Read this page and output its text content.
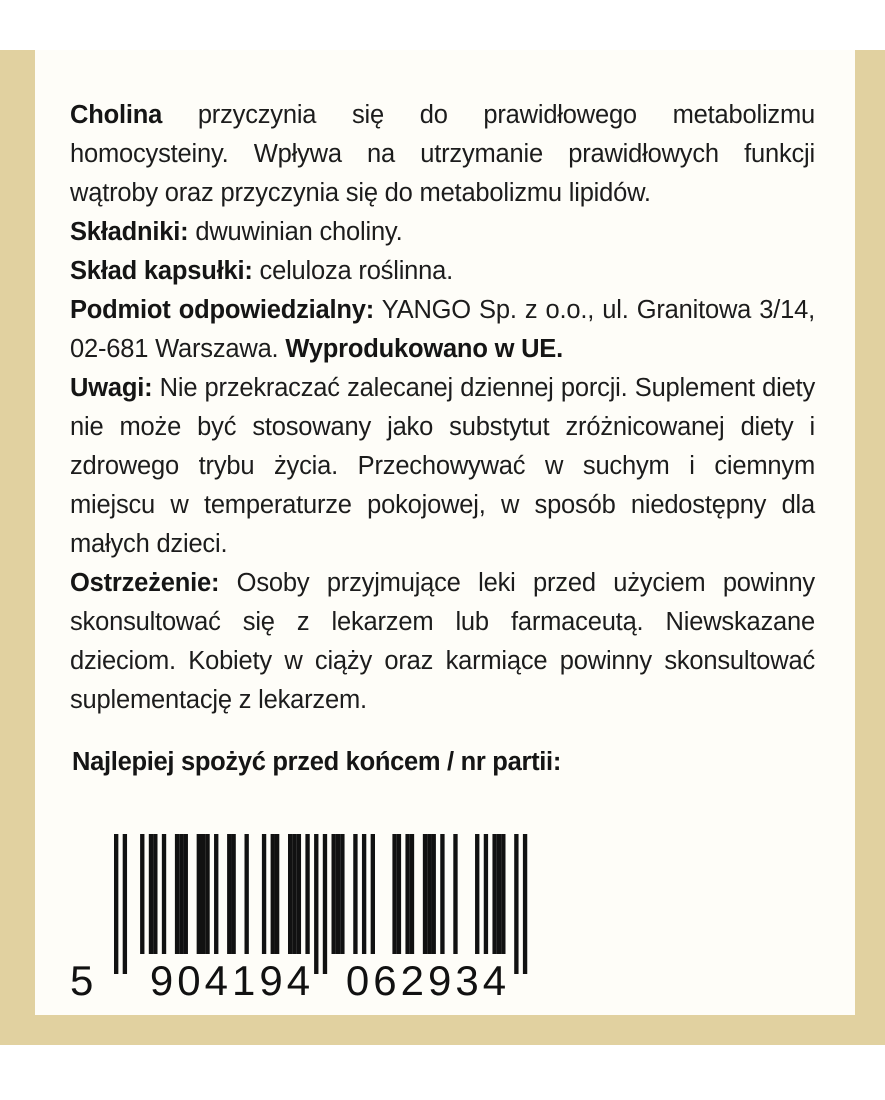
Cholina przyczynia się do prawidłowego metabolizmu homocysteiny. Wpływa na utrzymanie prawidłowych funkcji wątroby oraz przyczynia się do metabolizmu lipidów.

Składniki: dwuwinian choliny.

Skład kapsułki: celuloza roślinna.

Podmiot odpowiedzialny: YANGO Sp. z o.o., ul. Granitowa 3/14, 02-681 Warszawa. Wyprodukowano w UE.

Uwagi: Nie przekraczać zalecanej dziennej porcji. Suplement diety nie może być stosowany jako substytut zróżnicowanej diety i zdrowego trybu życia. Przechowywać w suchym i ciemnym miejscu w temperaturze pokojowej, w sposób niedostępny dla małych dzieci.

Ostrzeżenie: Osoby przyjmujące leki przed użyciem powinny skonsultować się z lekarzem lub farmaceutą. Niewskazane dzieciom. Kobiety w ciąży oraz karmiące powinny skonsultować suplementację z lekarzem.

Najlepiej spożyć przed końcem / nr partii:
5 904194 062934
